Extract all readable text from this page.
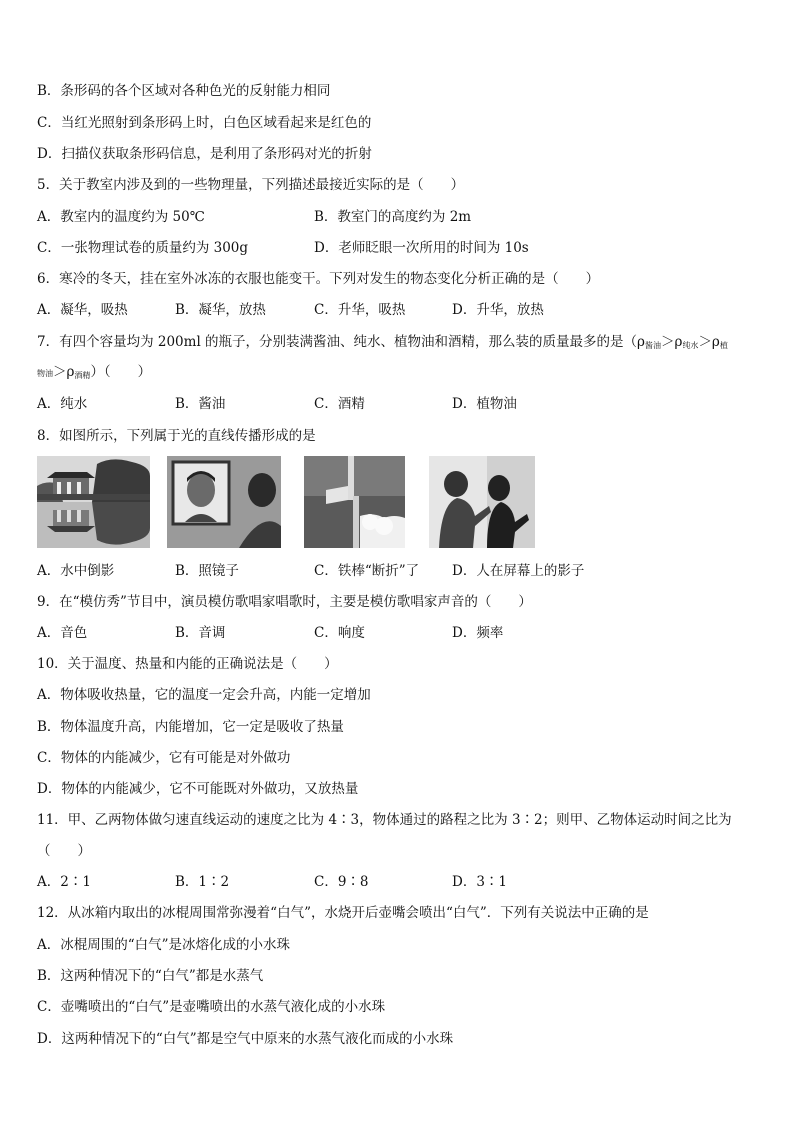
B．条形码的各个区域对各种色光的反射能力相同
C．当红光照射到条形码上时，白色区域看起来是红色的
D．扫描仪获取条形码信息，是利用了条形码对光的折射
5．关于教室内涉及到的一些物理量，下列描述最接近实际的是（　　）
A．教室内的温度约为 50℃	B．教室门的高度约为 2m
C．一张物理试卷的质量约为 300g	D．老师眨眼一次所用的时间为 10s
6．寒冷的冬天，挂在室外冰冻的衣服也能变干。下列对发生的物态变化分析正确的是（　　）
A．凝华，吸热	B．凝华，放热	C．升华，吸热	D．升华，放热
7．有四个容量均为 200ml 的瓶子，分别装满酱油、纯水、植物油和酒精，那么装的质量最多的是（$\rho_{酱油}>\rho_{纯水}>\rho_植$
物油$>\rho_{酒精}$）（　　）
A．纯水	B．酱油	C．酒精	D．植物油
8．如图所示，下列属于光的直线传播形成的是
A．水中倒影	B．照镜子	C．铁棒“断折”了 D．人在屏幕上的影子
9．在“模仿秀”节目中，演员模仿歌唱家唱歌时，主要是模仿歌唱家声音的（　　）
A．音色	B．音调	C．响度	D．频率
10．关于温度、热量和内能的正确说法是（　　）
A．物体吸收热量，它的温度一定会升高，内能一定增加
B．物体温度升高，内能增加，它一定是吸收了热量
C．物体的内能减少，它有可能是对外做功
D．物体的内能减少，它不可能既对外做功，又放热量
11．甲、乙两物体做匀速直线运动的速度之比为 4∶3，物体通过的路程之比为 3∶2；则甲、乙物体运动时间之比为
（　　）
A．2∶1	B．1∶2	C．9∶8	D．3∶1
12．从冰箱内取出的冰棍周围常弥漫着“白气”，水烧开后壶嘴会喷出“白气”．下列有关说法中正确的是
A．冰棍周围的“白气”是冰熔化成的小水珠
B．这两种情况下的“白气”都是水蒸气
C．壶嘴喷出的“白气”是壶嘴喷出的水蒸气液化成的小水珠
D．这两种情况下的“白气”都是空气中原来的水蒸气液化而成的小水珠
